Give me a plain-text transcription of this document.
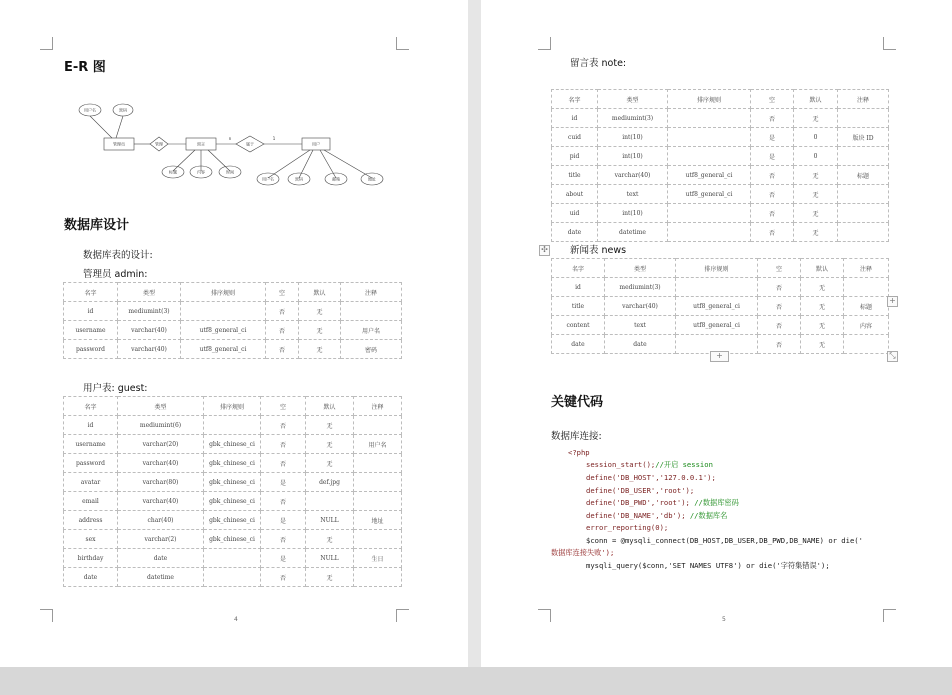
E-R 图
用户名	密码
管理员	管理	留言	属于	用户
n	1
标题	内容	时间
用户名	密码	邮箱	地址
数据库设计
数据库表的设计:
管理员 admin:
名字	类型	排序规则	空	默认	注释
id	mediumint(3)		否	无	
username	varchar(40)	utf8_general_ci	否	无	用户名
password	varchar(40)	utf8_general_ci	否	无	密码
用户表: guest:
名字	类型	排序规则	空	默认	注释
id	mediumint(6)		否	无	
username	varchar(20)	gbk_chinese_ci	否	无	用户名
password	varchar(40)	gbk_chinese_ci	否	无	
avatar	varchar(80)	gbk_chinese_ci	是	def.jpg	
email	varchar(40)	gbk_chinese_ci	否		
address	char(40)	gbk_chinese_ci	是	NULL	地址
sex	varchar(2)	gbk_chinese_ci	否	无	
birthday	date		是	NULL	生日
date	datetime		否	无	
4
留言表 note:
名字	类型	排序规则	空	默认	注释
id	mediumint(3)		否	无	
cuid	int(10)		是	0	版块 ID
pid	int(10)		是	0	
title	varchar(40)	utf8_general_ci	否	无	标题
about	text	utf8_general_ci	否	无	
uid	int(10)		否	无	
date	datetime		否	无	
✣ 新闻表 news
名字	类型	排序规则	空	默认	注释
id	mediumint(3)		否	无	
title	varchar(40)	utf8_general_ci	否	无	标题
content	text	utf8_general_ci	否	无	内容
date	date		否	无	
+
+	⤡
关键代码
数据库连接:
<?php
session_start();//开启 session
define('DB_HOST','127.0.0.1');
define('DB_USER','root');
define('DB_PWD','root'); //数据库密码
define('DB_NAME','db'); //数据库名
error_reporting(0);
$conn = @mysqli_connect(DB_HOST,DB_USER,DB_PWD,DB_NAME) or die('
数据库连接失败');
mysqli_query($conn,'SET NAMES UTF8') or die('字符集错误');
5
